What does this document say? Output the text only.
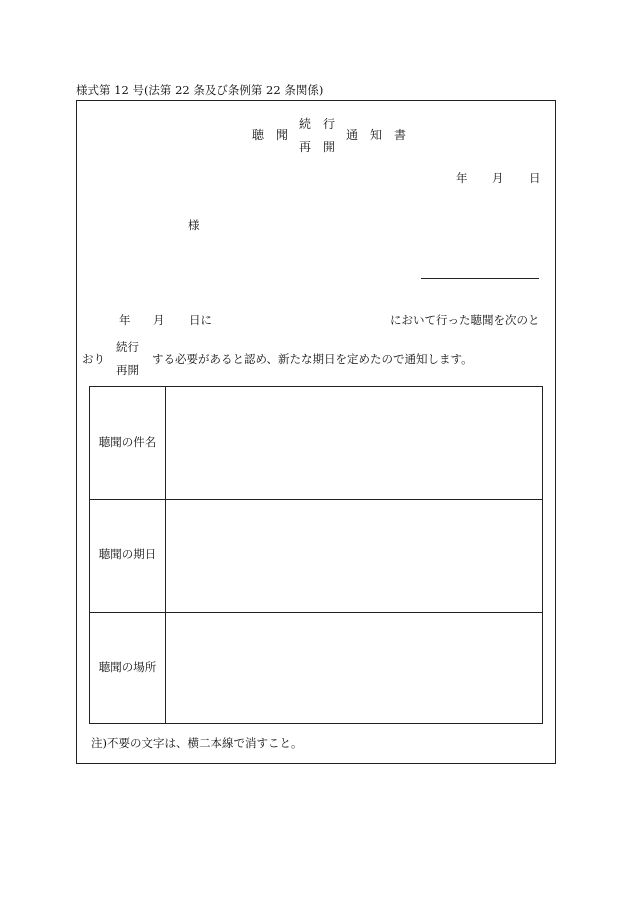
様式第 12 号(法第 22 条及び条例第 22 条関係)
聴　聞
続　行
再　開
通　知　書
年 月 日
様
年 月 日に	において行った聴聞を次のと
おり
続行
再開
する必要があると認め、新たな期日を定めたので通知します。
聴聞の件名
聴聞の期日
聴聞の場所
注)不要の文字は、横二本線で消すこと。
